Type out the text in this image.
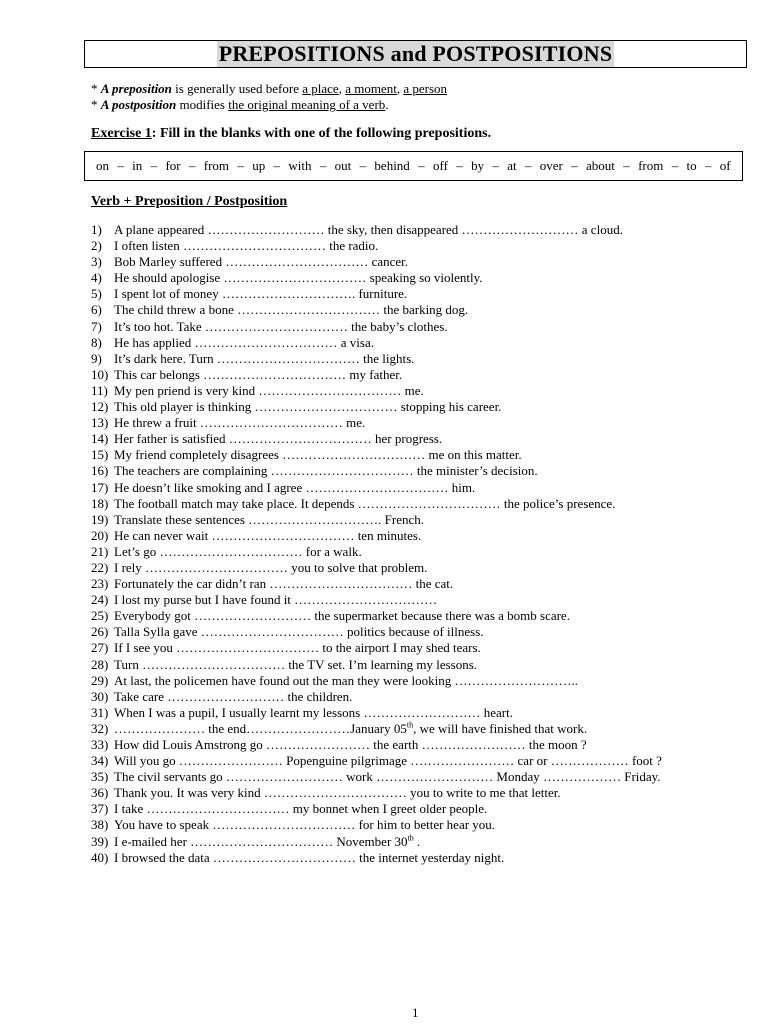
PREPOSITIONS and POSTPOSITIONS
* A preposition is generally used before a place, a moment, a person
* A postposition modifies the original meaning of a verb.
Exercise 1: Fill in the blanks with one of the following prepositions.
on – in – for – from – up – with – out – behind – off – by – at – over – about – from – to – of
Verb + Preposition / Postposition
1) A plane appeared ……………………… the sky, then disappeared ……………………… a cloud.
2) I often listen …………………………… the radio.
3) Bob Marley suffered …………………………… cancer.
4) He should apologise …………………………… speaking so violently.
5) I spent lot of money …………………………. furniture.
6) The child threw a bone …………………………… the barking dog.
7) It’s too hot. Take …………………………… the baby’s clothes.
8) He has applied …………………………… a visa.
9) It’s dark here. Turn …………………………… the lights.
10) This car belongs …………………………… my father.
11) My pen priend is very kind …………………………… me.
12) This old player is thinking …………………………… stopping his career.
13) He threw a fruit …………………………… me.
14) Her father is satisfied …………………………… her progress.
15) My friend completely disagrees …………………………… me on this matter.
16) The teachers are complaining …………………………… the minister’s decision.
17) He doesn’t like smoking and I agree …………………………… him.
18) The football match may take place. It depends …………………………… the police’s presence.
19) Translate these sentences …………………………. French.
20) He can never wait …………………………… ten minutes.
21) Let’s go …………………………… for a walk.
22) I rely …………………………… you to solve that problem.
23) Fortunately the car didn’t ran …………………………… the cat.
24) I lost my purse but I have found it ……………………………
25) Everybody got ……………………… the supermarket because there was a bomb scare.
26) Talla Sylla gave …………………………… politics because of illness.
27) If I see you …………………………… to the airport I may shed tears.
28) Turn …………………………… the TV set. I’m learning my lessons.
29) At last, the policemen have found out the man they were looking ………………………..
30) Take care ……………………… the children.
31) When I was a pupil, I usually learnt my lessons ……………………… heart.
32) ………………… the end……………………January 05th, we will have finished that work.
33) How did Louis Amstrong go …………………… the earth …………………… the moon ?
34) Will you go …………………… Popenguine pilgrimage …………………… car or ……………… foot ?
35) The civil servants go ……………………… work ……………………… Monday ……………… Friday.
36) Thank you. It was very kind …………………………… you to write to me that letter.
37) I take …………………………… my bonnet when I greet older people.
38) You have to speak …………………………… for him to better hear you.
39) I e-mailed her …………………………… November 30th .
40) I browsed the data …………………………… the internet yesterday night.
1
